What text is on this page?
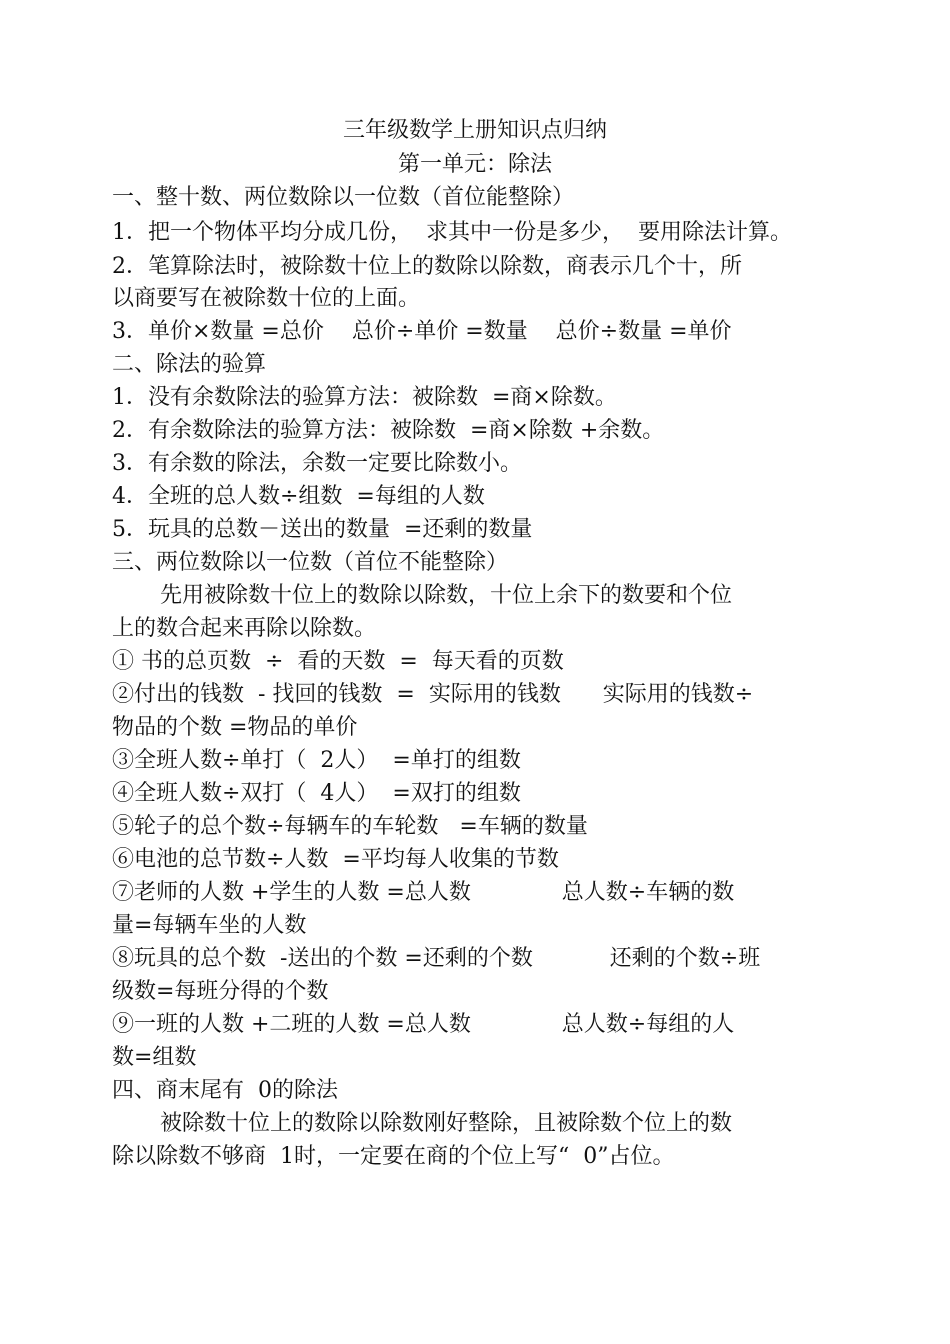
三年级数学上册知识点归纳
第一单元：除法
一、整十数、两位数除以一位数（首位能整除）
1．把一个物体平均分成几份，  求其中一份是多少，  要用除法计算。
2．笔算除法时，被除数十位上的数除以除数，商表示几个十，所
以商要写在被除数十位的上面。
3．单价×数量 =总价    总价÷单价 =数量    总价÷数量 =单价
二、除法的验算
1．没有余数除法的验算方法：被除数  =商×除数。
2．有余数除法的验算方法：被除数  =商×除数 +余数。
3．有余数的除法，余数一定要比除数小。
4．全班的总人数÷组数  =每组的人数
5．玩具的总数－送出的数量  =还剩的数量
三、两位数除以一位数（首位不能整除）
先用被除数十位上的数除以除数，十位上余下的数要和个位
上的数合起来再除以除数。
① 书的总页数  ÷  看的天数  =  每天看的页数
②付出的钱数  - 找回的钱数  =  实际用的钱数      实际用的钱数÷
物品的个数 =物品的单价
③全班人数÷单打（  2人）  =单打的组数
④全班人数÷双打（  4人）  =双打的组数
⑤轮子的总个数÷每辆车的车轮数   =车辆的数量
⑥电池的总节数÷人数  =平均每人收集的节数
⑦老师的人数 +学生的人数 =总人数             总人数÷车辆的数
量=每辆车坐的人数
⑧玩具的总个数  -送出的个数 =还剩的个数           还剩的个数÷班
级数=每班分得的个数
⑨一班的人数 +二班的人数 =总人数             总人数÷每组的人
数=组数
四、商末尾有  0的除法
被除数十位上的数除以除数刚好整除，且被除数个位上的数
除以除数不够商  1时，一定要在商的个位上写“  0”占位。
